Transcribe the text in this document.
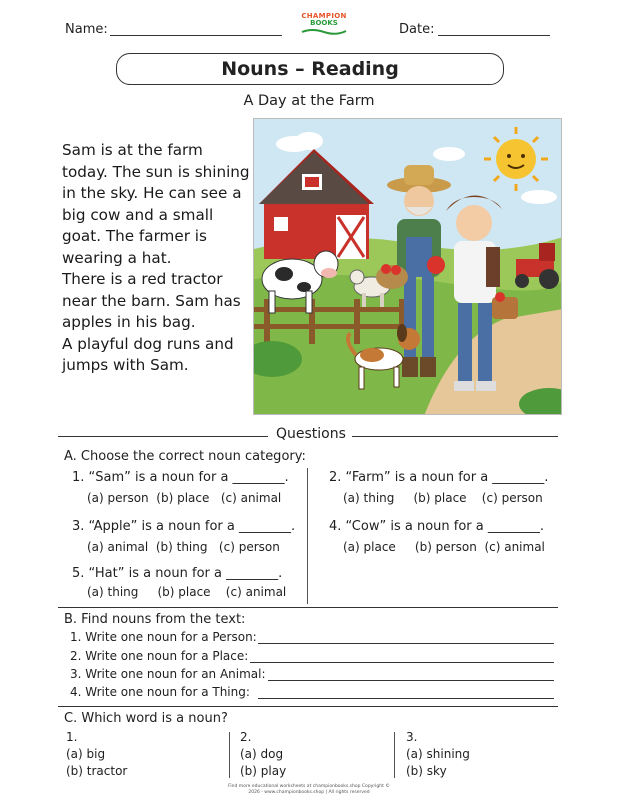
Name:
CHAMPION
BOOKS	Date:
Nouns – Reading
A Day at the Farm

Sam is at the farm today. The sun is shining in the sky. He can see a big cow and a small goat. The farmer is wearing a hat.

There is a red tractor near the barn. Sam has apples in his bag.

A playful dog runs and jumps with Sam.

Questions
A. Choose the correct noun category:
1. “Sam” is a noun for a ________.
(a) person  (b) place   (c) animal
2. “Farm” is a noun for a ________.
(a) thing     (b) place    (c) person
3. “Apple” is a noun for a ________.
(a) animal  (b) thing   (c) person
4. “Cow” is a noun for a ________.
(a) place     (b) person  (c) animal
5. “Hat” is a noun for a ________.
(a) thing     (b) place    (c) animal
B. Find nouns from the text:
1. Write one noun for a Person:
2. Write one noun for a Place:
3. Write one noun for an Animal:
4. Write one noun for a Thing:
C. Which word is a noun?
1.
(a) big
(b) tractor
2.
(a) dog
(b) play
3.
(a) shining
(b) sky
Find more educational worksheets at championbooks.shop Copyright ©
2026 - www.championbooks.shop | All rights reserved
